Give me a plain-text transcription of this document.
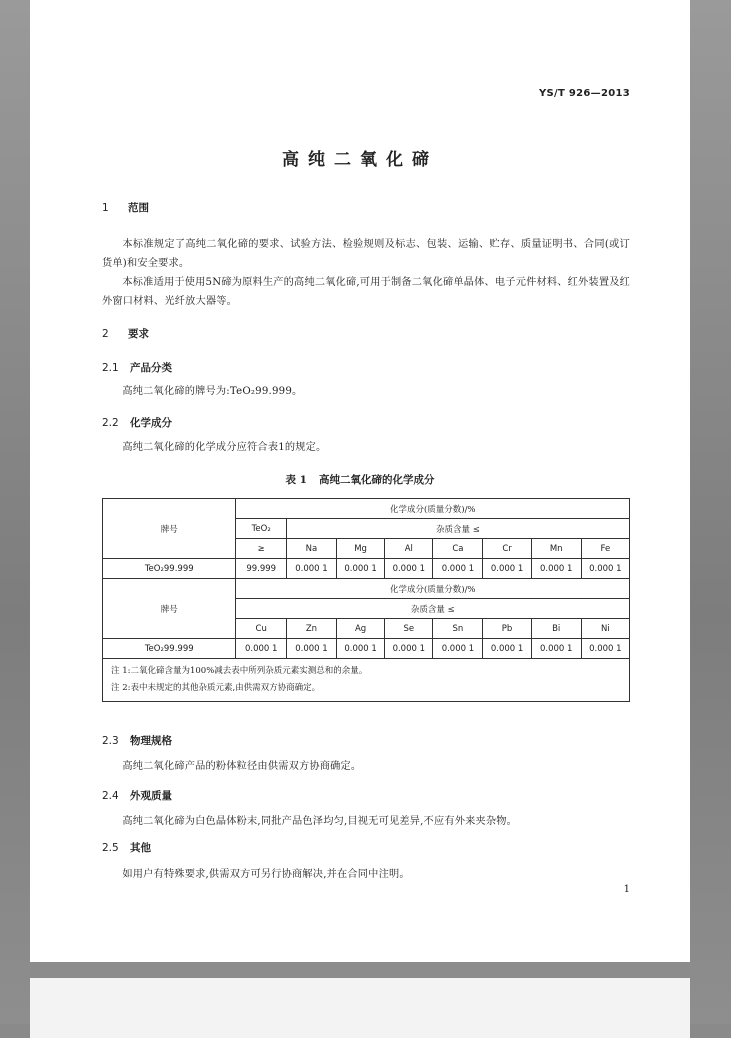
YS/T 926—2013
高纯二氧化碲
1 范围
本标准规定了高纯二氧化碲的要求、试验方法、检验规则及标志、包装、运输、贮存、质量证明书、合同(或订货单)和安全要求。
本标准适用于使用5N碲为原料生产的高纯二氧化碲,可用于制备二氧化碲单晶体、电子元件材料、红外装置及红外窗口材料、光纤放大器等。
2 要求
2.1 产品分类
高纯二氧化碲的牌号为:TeO₂99.999。
2.2 化学成分
高纯二氧化碲的化学成分应符合表1的规定。
表 1 高纯二氧化碲的化学成分
牌号	化学成分(质量分数)/%							
	TeO₂	杂质含量 ≤						
	≥	Na	Mg	Al	Ca	Cr	Mn	Fe
TeO₂99.999	99.999	0.000 1	0.000 1	0.000 1	0.000 1	0.000 1	0.000 1	0.000 1
牌号	化学成分(质量分数)/%							
	杂质含量 ≤							
	Cu	Zn	Ag	Se	Sn	Pb	Bi	Ni
TeO₂99.999	0.000 1	0.000 1	0.000 1	0.000 1	0.000 1	0.000 1	0.000 1	0.000 1

注 1:二氧化碲含量为100%减去表中所列杂质元素实测总和的余量。
注 2:表中未规定的其他杂质元素,由供需双方协商确定。								
2.3 物理规格
高纯二氧化碲产品的粉体粒径由供需双方协商确定。
2.4 外观质量
高纯二氧化碲为白色晶体粉末,同批产品色泽均匀,目视无可见差异,不应有外来夹杂物。
2.5 其他
如用户有特殊要求,供需双方可另行协商解决,并在合同中注明。
1
